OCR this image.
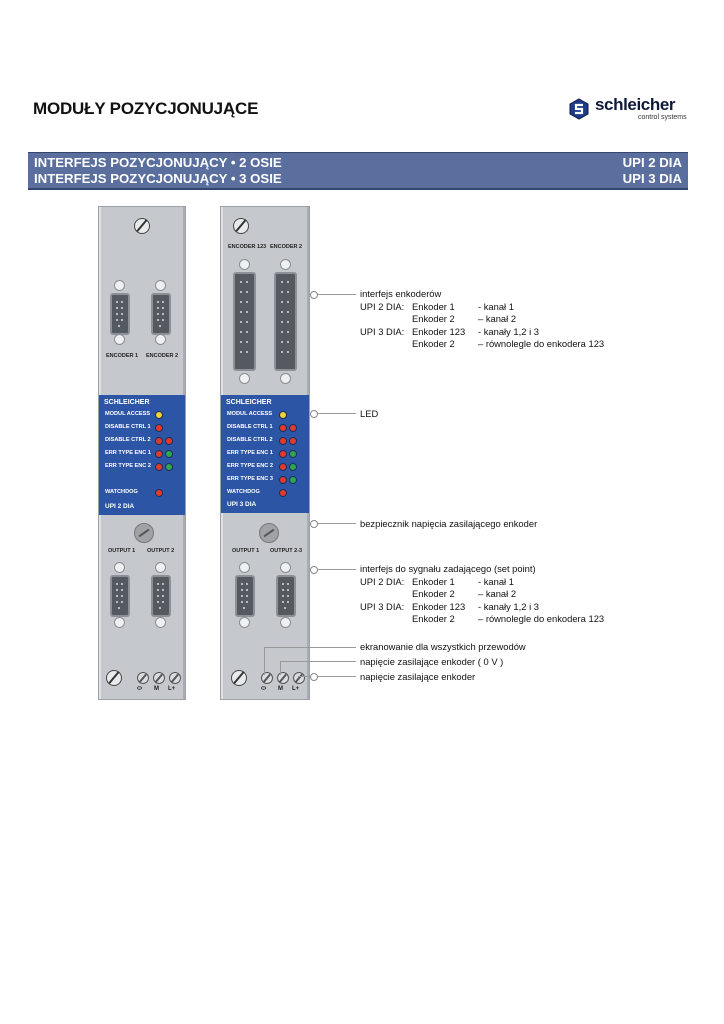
MODUŁY POZYCJONUJĄCE	schleicher
control systems
INTERFEJS POZYCJONUJĄCY • 2 OSIE	UPI 2 DIA
INTERFEJS POZYCJONUJĄCY • 3 OSIE	UPI 3 DIA
ENCODER 1 ENCODER 2
SCHLEICHER
MODUL ACCESS
DISABLE CTRL 1
DISABLE CTRL 2
ERR TYPE ENC 1
ERR TYPE ENC 2
WATCHDOG
UPI 2 DIA
OUTPUT 1 OUTPUT 2
⬭ M L+
ENCODER 123 ENCODER 2
SCHLEICHER
MODUL ACCESS
DISABLE CTRL 1
DISABLE CTRL 2
ERR TYPE ENC 1
ERR TYPE ENC 2
ERR TYPE ENC 3
WATCHDOG
UPI 3 DIA
OUTPUT 1 OUTPUT 2-3
⬭ M L+
interfejs enkoderów
UPI 2 DIA: Enkoder 1 - kanał 1
Enkoder 2 – kanał 2
UPI 3 DIA: Enkoder 123 - kanały 1,2 i 3
Enkoder 2 – równolegle do enkodera 123
LED
bezpiecznik napięcia zasilającego enkoder
interfejs do sygnału zadającego (set point)
UPI 2 DIA: Enkoder 1 - kanał 1
Enkoder 2 – kanał 2
UPI 3 DIA: Enkoder 123 - kanały 1,2 i 3
Enkoder 2 – równolegle do enkodera 123
ekranowanie dla wszystkich przewodów
napięcie zasilające enkoder ( 0 V )
napięcie zasilające enkoder
